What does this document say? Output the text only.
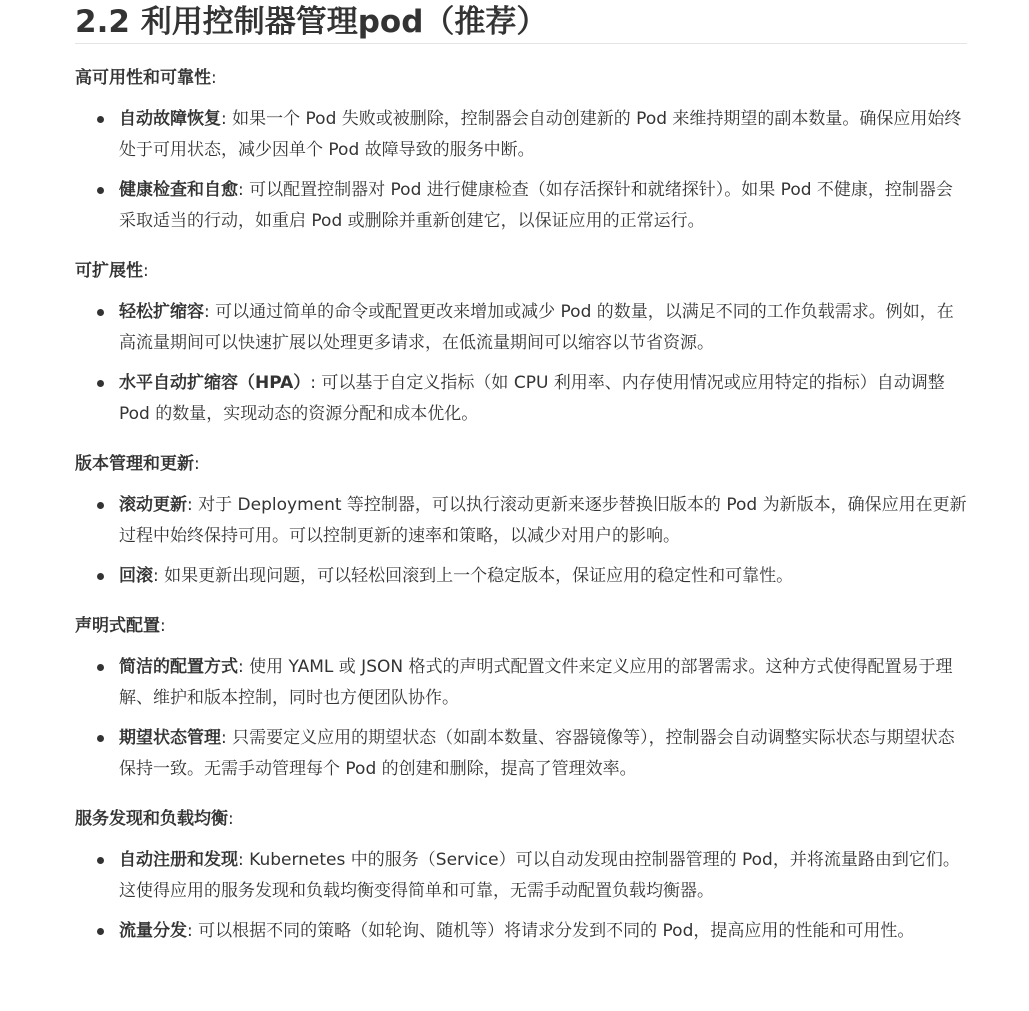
2.2 利用控制器管理pod（推荐）

高可用性和可靠性:

自动故障恢复: 如果一个 Pod 失败或被删除，控制器会自动创建新的 Pod 来维持期望的副本数量。确保应用始终处于可用状态，减少因单个 Pod 故障导致的服务中断。
健康检查和自愈: 可以配置控制器对 Pod 进行健康检查（如存活探针和就绪探针）。如果 Pod 不健康，控制器会采取适当的行动，如重启 Pod 或删除并重新创建它，以保证应用的正常运行。

可扩展性:

轻松扩缩容: 可以通过简单的命令或配置更改来增加或减少 Pod 的数量，以满足不同的工作负载需求。例如，在高流量期间可以快速扩展以处理更多请求，在低流量期间可以缩容以节省资源。
水平自动扩缩容（HPA）: 可以基于自定义指标（如 CPU 利用率、内存使用情况或应用特定的指标）自动调整 Pod 的数量，实现动态的资源分配和成本优化。

版本管理和更新:

滚动更新: 对于 Deployment 等控制器，可以执行滚动更新来逐步替换旧版本的 Pod 为新版本，确保应用在更新过程中始终保持可用。可以控制更新的速率和策略，以减少对用户的影响。
回滚: 如果更新出现问题，可以轻松回滚到上一个稳定版本，保证应用的稳定性和可靠性。

声明式配置:

简洁的配置方式: 使用 YAML 或 JSON 格式的声明式配置文件来定义应用的部署需求。这种方式使得配置易于理解、维护和版本控制，同时也方便团队协作。
期望状态管理: 只需要定义应用的期望状态（如副本数量、容器镜像等），控制器会自动调整实际状态与期望状态保持一致。无需手动管理每个 Pod 的创建和删除，提高了管理效率。

服务发现和负载均衡:

自动注册和发现: Kubernetes 中的服务（Service）可以自动发现由控制器管理的 Pod，并将流量路由到它们。这使得应用的服务发现和负载均衡变得简单和可靠，无需手动配置负载均衡器。
流量分发: 可以根据不同的策略（如轮询、随机等）将请求分发到不同的 Pod，提高应用的性能和可用性。
